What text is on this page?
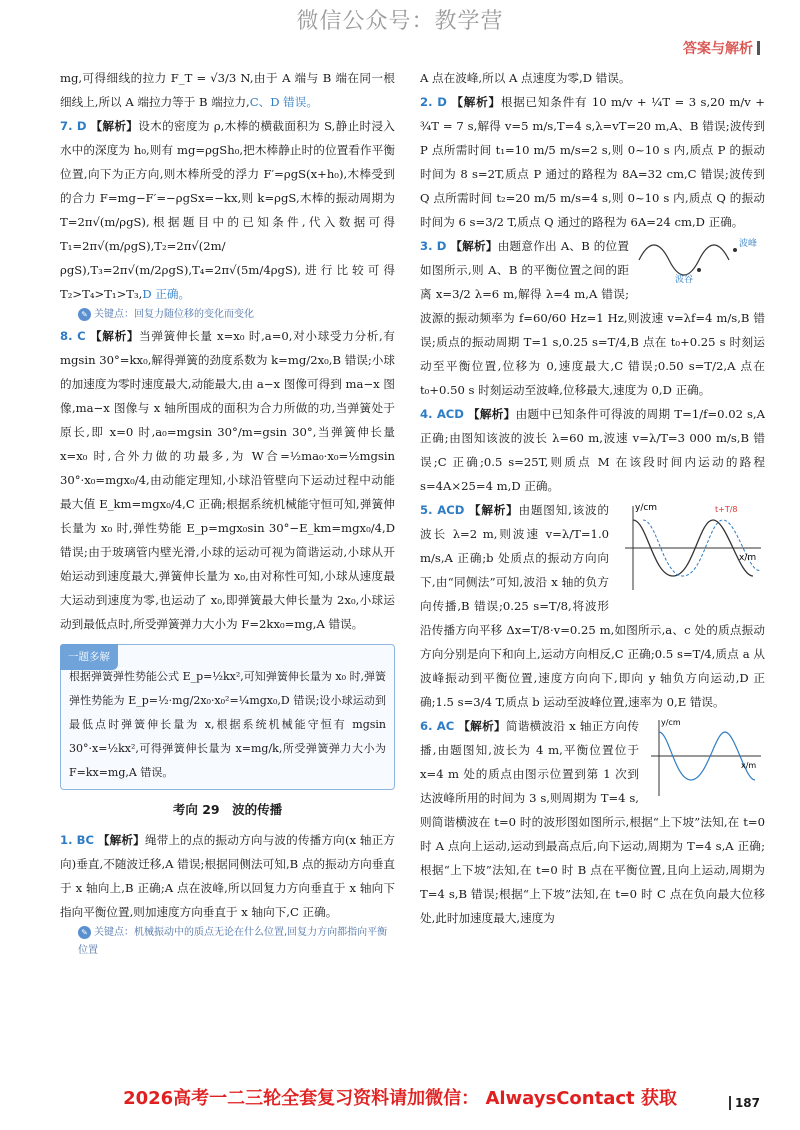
微信公众号：教学营
答案与解析

mg,可得细线的拉力 F_T = √3/3 N,由于 A 端与 B 端在同一根细线上,所以 A 端拉力等于 B 端拉力,C、D 错误。

7. D 【解析】设木的密度为 ρ,木棒的横截面积为 S,静止时浸入水中的深度为 h₀,则有 mg=ρgSh₀,把木棒静止时的位置看作平衡位置,向下为正方向,则木棒所受的浮力 F′=ρgS(x+h₀),木棒受到的合力 F=mg−F′=−ρgSx=−kx,则 k=ρgS,木棒的振动周期为 T=2π√(m/ρgS),根据题目中的已知条件,代入数据可得 T₁=2π√(m/ρgS),T₂=2π√(2m/ρgS),T₃=2π√(m/2ρgS),T₄=2π√(5m/4ρgS),进行比较可得 T₂>T₄>T₁>T₃,D 正确。

✎ 关键点：回复力随位移的变化而变化

8. C 【解析】当弹簧伸长量 x=x₀ 时,a=0,对小球受力分析,有 mgsin 30°=kx₀,解得弹簧的劲度系数为 k=mg/2x₀,B 错误;小球的加速度为零时速度最大,动能最大,由 a−x 图像可得到 ma−x 图像,ma−x 图像与 x 轴所围成的面积为合力所做的功,当弹簧处于原长,即 x=0 时,a₀=mgsin 30°/m=gsin 30°,当弹簧伸长量 x=x₀ 时,合外力做的功最多,为 W合=½ma₀·x₀=½mgsin 30°·x₀=mgx₀/4,由动能定理知,小球沿管壁向下运动过程中动能最大值 E_km=mgx₀/4,C 正确;根据系统机械能守恒可知,弹簧伸长量为 x₀ 时,弹性势能 E_p=mgx₀sin 30°−E_km=mgx₀/4,D 错误;由于玻璃管内壁光滑,小球的运动可视为简谐运动,小球从开始运动到速度最大,弹簧伸长量为 x₀,由对称性可知,小球从速度最大运动到速度为零,也运动了 x₀,即弹簧最大伸长量为 2x₀,小球运动到最低点时,所受弹簧弹力大小为 F=2kx₀=mg,A 错误。

一题多解

根据弹簧弹性势能公式 E_p=½kx²,可知弹簧伸长量为 x₀ 时,弹簧弹性势能为 E_p=½·mg/2x₀·x₀²=¼mgx₀,D 错误;设小球运动到最低点时弹簧伸长量为 x,根据系统机械能守恒有 mgsin 30°·x=½kx²,可得弹簧伸长量为 x=mg/k,所受弹簧弹力大小为 F=kx=mg,A 错误。

考向 29　波的传播

1. BC 【解析】绳带上的点的振动方向与波的传播方向(x 轴正方向)垂直,不随波迁移,A 错误;根据同侧法可知,B 点的振动方向垂直于 x 轴向上,B 正确;A 点在波峰,所以回复力方向垂直于 x 轴向下指向平衡位置,则加速度方向垂直于 x 轴向下,C 正确。

✎ 关键点：机械振动中的质点无论在什么位置,回复力方向都指向平衡位置

A 点在波峰,所以 A 点速度为零,D 错误。

2. D 【解析】根据已知条件有 10 m/v + ¼T = 3 s,20 m/v + ¾T = 7 s,解得 v=5 m/s,T=4 s,λ=vT=20 m,A、B 错误;波传到 P 点所需时间 t₁=10 m/5 m/s=2 s,则 0~10 s 内,质点 P 的振动时间为 8 s=2T,质点 P 通过的路程为 8A=32 cm,C 错误;波传到 Q 点所需时间 t₂=20 m/5 m/s=4 s,则 0~10 s 内,质点 Q 的振动时间为 6 s=3/2 T,质点 Q 通过的路程为 6A=24 cm,D 正确。

波谷
波峰

3. D 【解析】由题意作出 A、B 的位置如图所示,则 A、B 的平衡位置之间的距离 x=3/2 λ=6 m,解得 λ=4 m,A 错误;波源的振动频率为 f=60/60 Hz=1 Hz,则波速 v=λf=4 m/s,B 错误;质点的振动周期 T=1 s,0.25 s=T/4,B 点在 t₀+0.25 s 时刻运动至平衡位置,位移为 0,速度最大,C 错误;0.50 s=T/2,A 点在 t₀+0.50 s 时刻运动至波峰,位移最大,速度为 0,D 正确。

4. ACD 【解析】由题中已知条件可得波的周期 T=1/f=0.02 s,A 正确;由图知该波的波长 λ=60 m,波速 v=λ/T=3 000 m/s,B 错误;C 正确;0.5 s=25T,则质点 M 在该段时间内运动的路程 s=4A×25=4 m,D 正确。

y/cm
x/m
t+T/8

5. ACD 【解析】由题图知,该波的波长 λ=2 m,则波速 v=λ/T=1.0 m/s,A 正确;b 处质点的振动方向向下,由“同侧法”可知,波沿 x 轴的负方向传播,B 错误;0.25 s=T/8,将波形沿传播方向平移 Δx=T/8·v=0.25 m,如图所示,a、c 处的质点振动方向分别是向下和向上,运动方向相反,C 正确;0.5 s=T/4,质点 a 从波峰振动到平衡位置,速度方向向下,即向 y 轴负方向运动,D 正确;1.5 s=3/4 T,质点 b 运动至波峰位置,速率为 0,E 错误。

y/cm
x/m

6. AC 【解析】简谐横波沿 x 轴正方向传播,由题图知,波长为 4 m,平衡位置位于 x=4 m 处的质点由图示位置到第 1 次到达波峰所用的时间为 3 s,则周期为 T=4 s,则简谐横波在 t=0 时的波形图如图所示,根据“上下坡”法知,在 t=0 时 A 点向上运动,运动到最高点后,向下运动,周期为 T=4 s,A 正确;根据“上下坡”法知,在 t=0 时 B 点在平衡位置,且向上运动,周期为 T=4 s,B 错误;根据“上下坡”法知,在 t=0 时 C 点在负向最大位移处,此时加速度最大,速度为

2026高考一二三轮全套复习资料请加微信： AlwaysContact 获取	187
